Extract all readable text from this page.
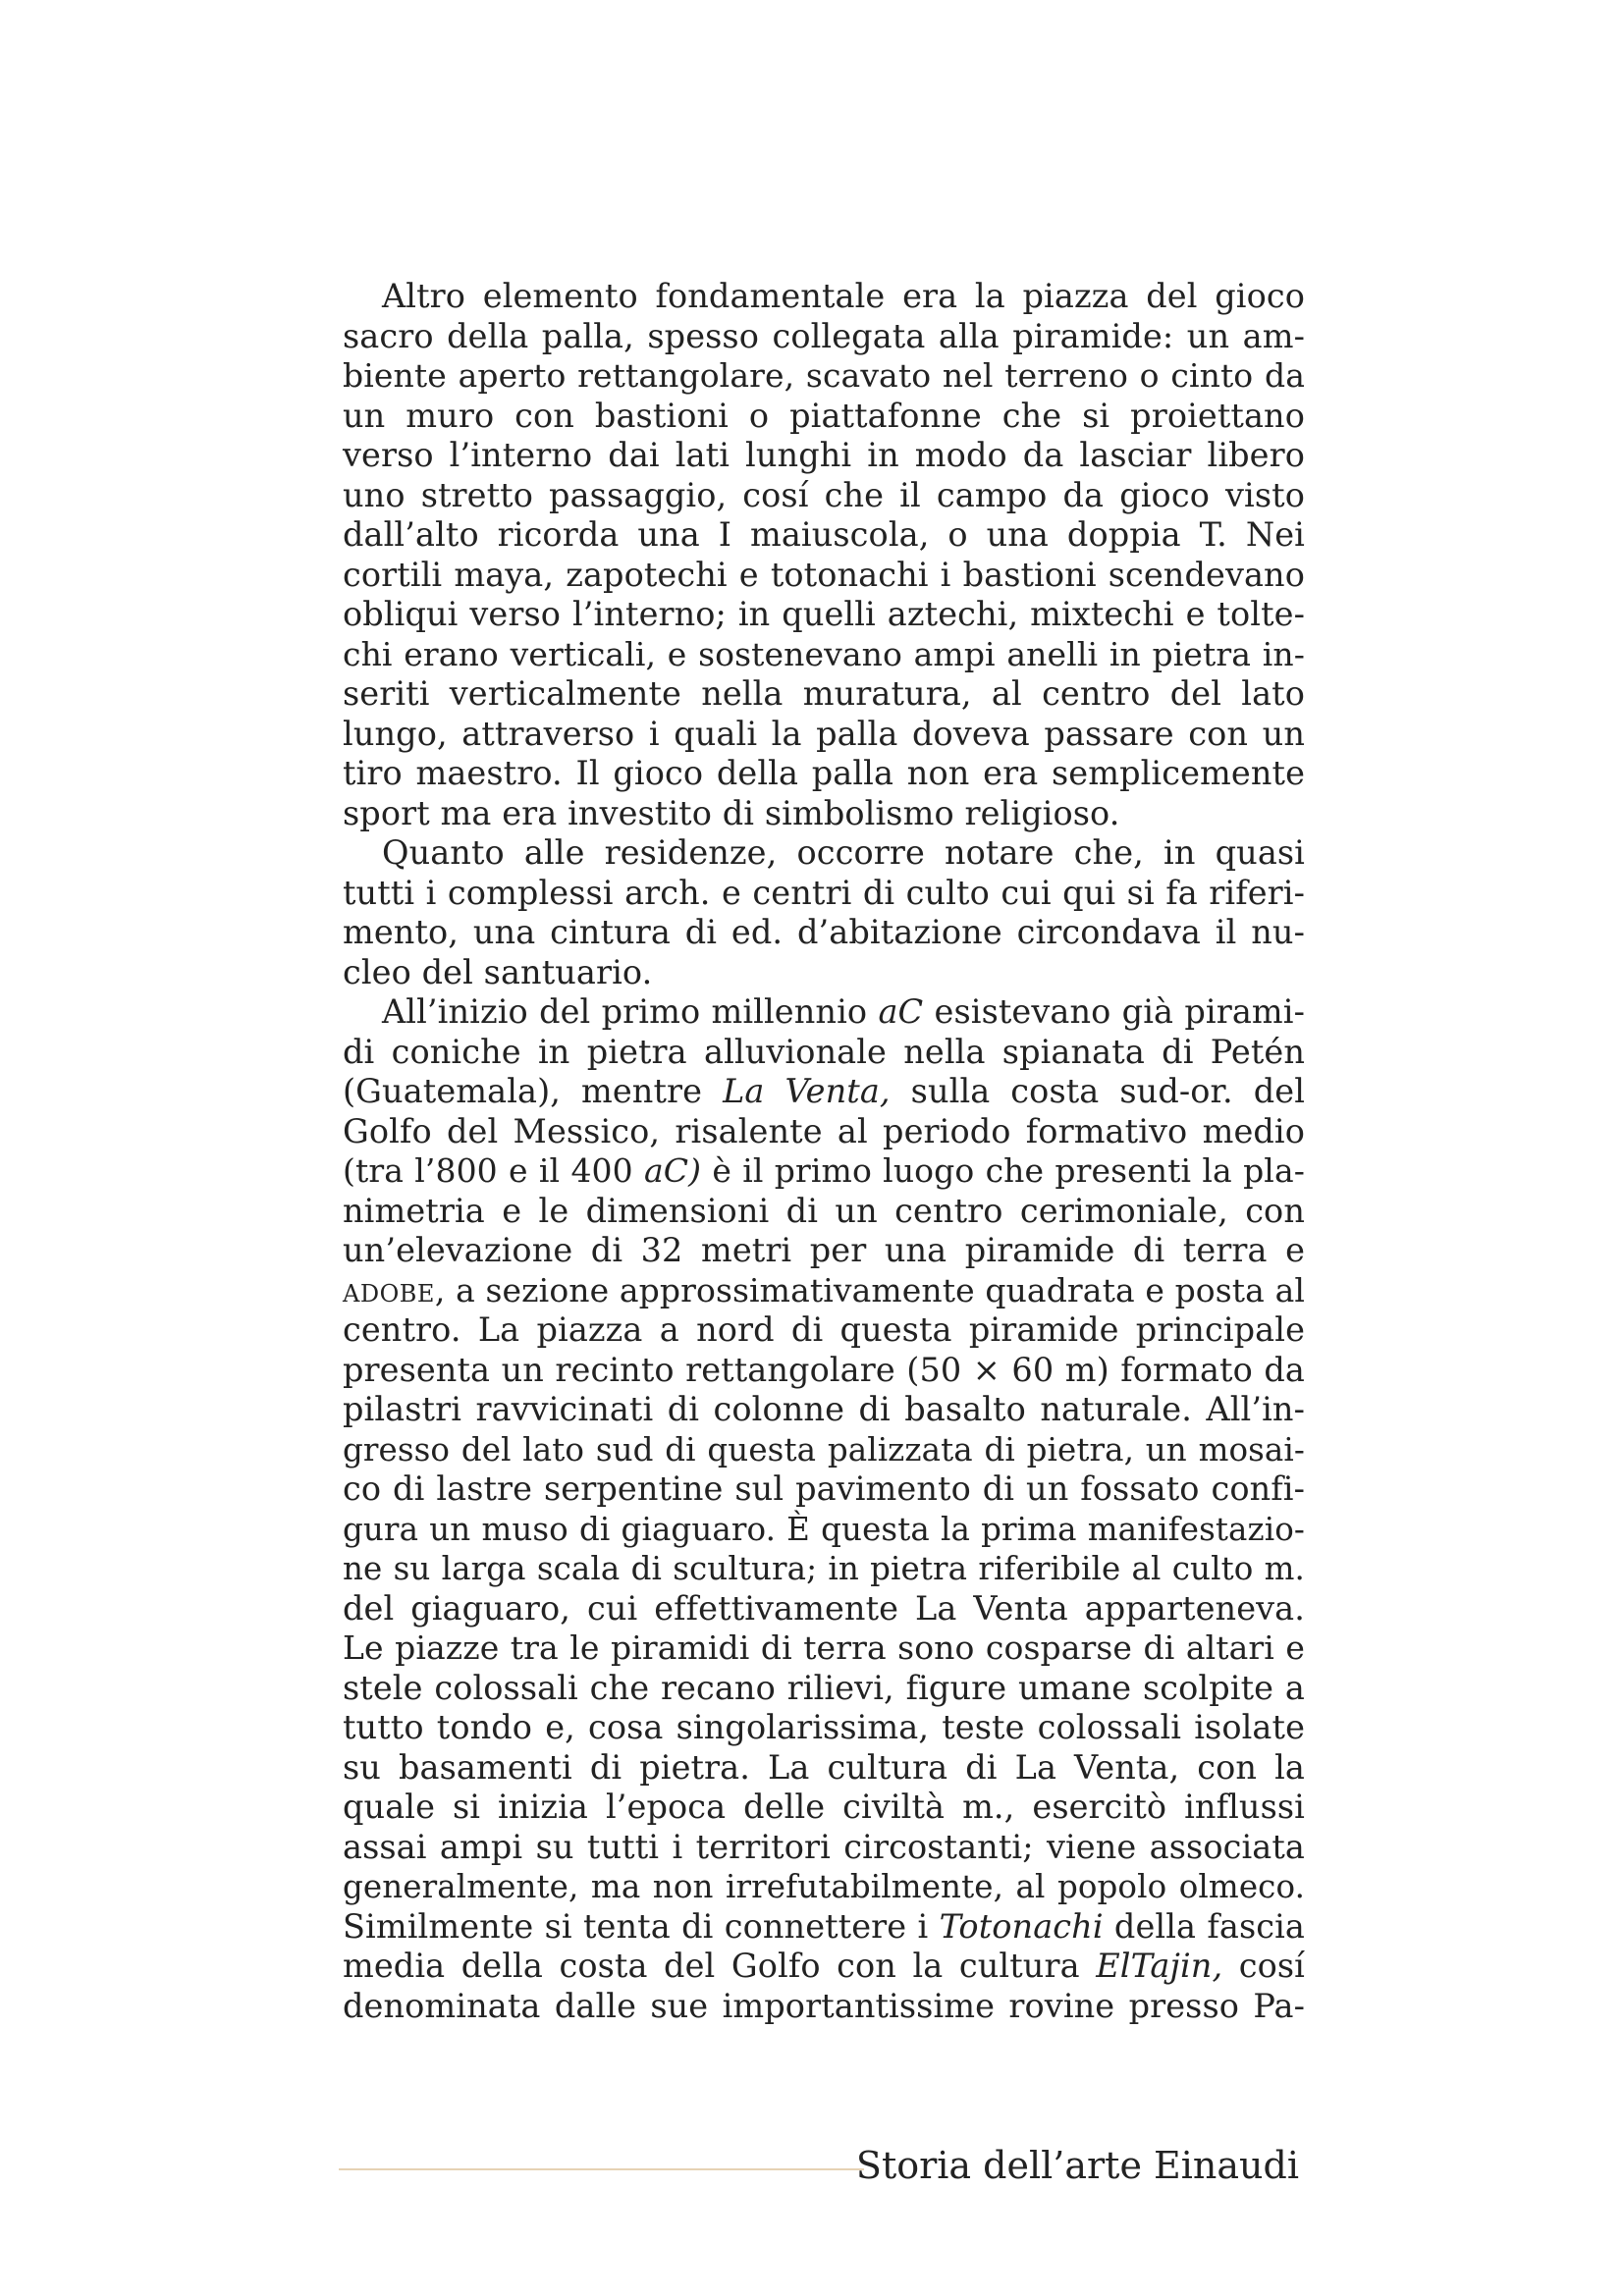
Altro elemento fondamentale era la piazza del gioco
sacro della palla, spesso collegata alla piramide: un am-
biente aperto rettangolare, scavato nel terreno o cinto da
un muro con bastioni o piattafonne che si proiettano
verso l’interno dai lati lunghi in modo da lasciar libero
uno stretto passaggio, cosí che il campo da gioco visto
dall’alto ricorda una I maiuscola, o una doppia T. Nei
cortili maya, zapotechi e totonachi i bastioni scendevano
obliqui verso l’interno; in quelli aztechi, mixtechi e tolte-
chi erano verticali, e sostenevano ampi anelli in pietra in-
seriti verticalmente nella muratura, al centro del lato
lungo, attraverso i quali la palla doveva passare con un
tiro maestro. Il gioco della palla non era semplicemente
sport ma era investito di simbolismo religioso.
Quanto alle residenze, occorre notare che, in quasi
tutti i complessi arch. e centri di culto cui qui si fa riferi-
mento, una cintura di ed. d’abitazione circondava il nu-
cleo del santuario.
All’inizio del primo millennio aC esistevano già pirami-
di coniche in pietra alluvionale nella spianata di Petén
(Guatemala), mentre La Venta, sulla costa sud-or. del
Golfo del Messico, risalente al periodo formativo medio
(tra l’800 e il 400 aC) è il primo luogo che presenti la pla-
nimetria e le dimensioni di un centro cerimoniale, con
un’elevazione di 32 metri per una piramide di terra e
ADOBE, a sezione approssimativamente quadrata e posta al
centro. La piazza a nord di questa piramide principale
presenta un recinto rettangolare (50 × 60 m) formato da
pilastri ravvicinati di colonne di basalto naturale. All’in-
gresso del lato sud di questa palizzata di pietra, un mosai-
co di lastre serpentine sul pavimento di un fossato confi-
gura un muso di giaguaro. È questa la prima manifestazio-
ne su larga scala di scultura; in pietra riferibile al culto m.
del giaguaro, cui effettivamente La Venta apparteneva.
Le piazze tra le piramidi di terra sono cosparse di altari e
stele colossali che recano rilievi, figure umane scolpite a
tutto tondo e, cosa singolarissima, teste colossali isolate
su basamenti di pietra. La cultura di La Venta, con la
quale si inizia l’epoca delle civiltà m., esercitò influssi
assai ampi su tutti i territori circostanti; viene associata
generalmente, ma non irrefutabilmente, al popolo olmeco.
Similmente si tenta di connettere i Totonachi della fascia
media della costa del Golfo con la cultura ElTajin, cosí
denominata dalle sue importantissime rovine presso Pa-
Storia dell’arte Einaudi
